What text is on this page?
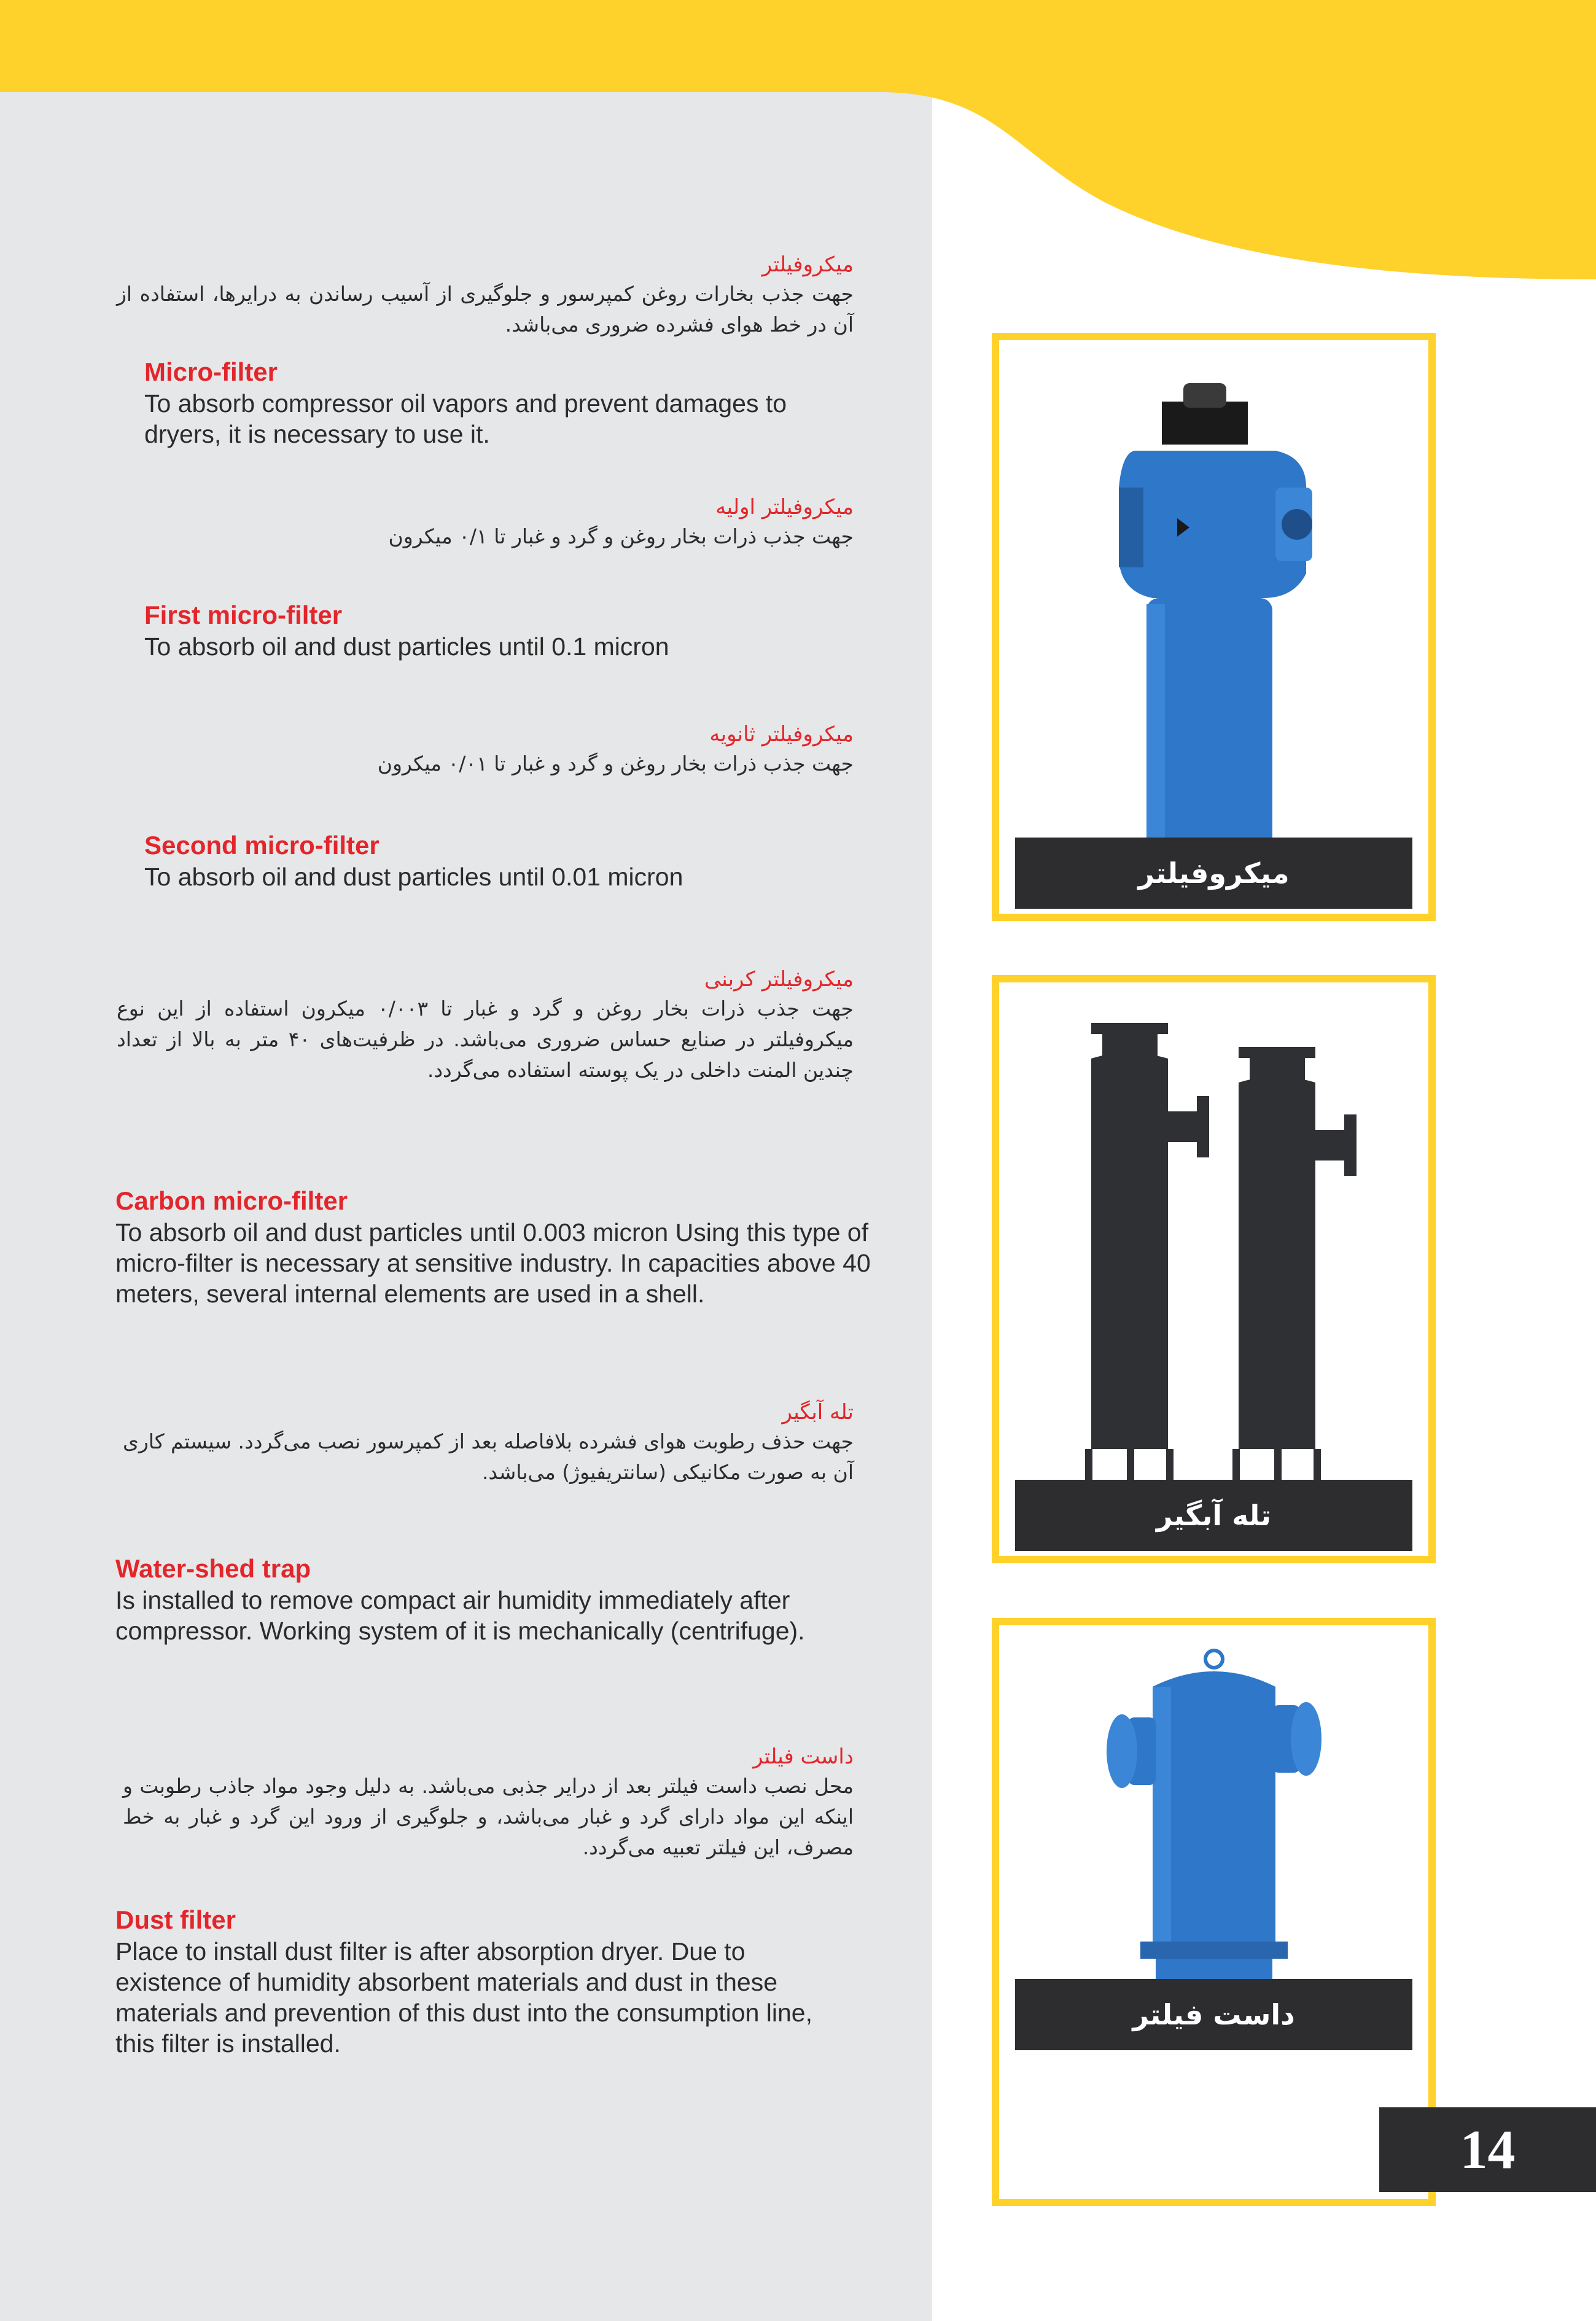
میکروفیلتر
جهت جذب بخارات روغن کمپرسور و جلوگیری از آسیب رساندن به درایرها، استفاده از آن در خط هوای فشرده ضروری می‌باشد.
Micro-filter
To absorb compressor oil vapors and prevent damages to dryers, it is necessary to use it.
میکروفیلتر اولیه
جهت جذب ذرات بخار روغن و گرد و غبار تا ۰/۱ میکرون
First micro-filter
To absorb oil and dust particles until 0.1 micron
میکروفیلتر ثانویه
جهت جذب ذرات بخار روغن و گرد و غبار تا ۰/۰۱ میکرون
Second micro-filter
To absorb oil and dust particles until 0.01 micron
میکروفیلتر کربنی
جهت جذب ذرات بخار روغن و گرد و غبار تا ۰/۰۰۳ میکرون استفاده از این نوع میکروفیلتر در صنایع حساس ضروری می‌باشد. در ظرفیت‌های ۴۰ متر به بالا از تعداد چندین المنت داخلی در یک پوسته استفاده می‌گردد.
Carbon micro-filter
To absorb oil and dust particles until 0.003 micron Using this type of micro-filter is necessary at sensitive industry. In capacities above 40 meters, several internal elements are used in a shell.
تله آبگیر
جهت حذف رطوبت هوای فشرده بلافاصله بعد از کمپرسور نصب می‌گردد. سیستم کاری آن به صورت مکانیکی (سانتریفیوژ) می‌باشد.
Water-shed trap
Is installed to remove compact air humidity immediately after compressor. Working system of it is mechanically (centrifuge).
داست فیلتر
محل نصب داست فیلتر بعد از درایر جذبی می‌باشد. به دلیل وجود مواد جاذب رطوبت و اینکه این مواد دارای گرد و غبار می‌باشد، و جلوگیری از ورود این گرد و غبار به خط مصرف، این فیلتر تعبیه می‌گردد.
Dust filter
Place to install dust filter is after absorption dryer. Due to existence of humidity absorbent materials and dust in these materials and prevention of this dust into the consumption line, this filter is installed.
میکروفیلتر
تله آبگیر
داست فیلتر
14
